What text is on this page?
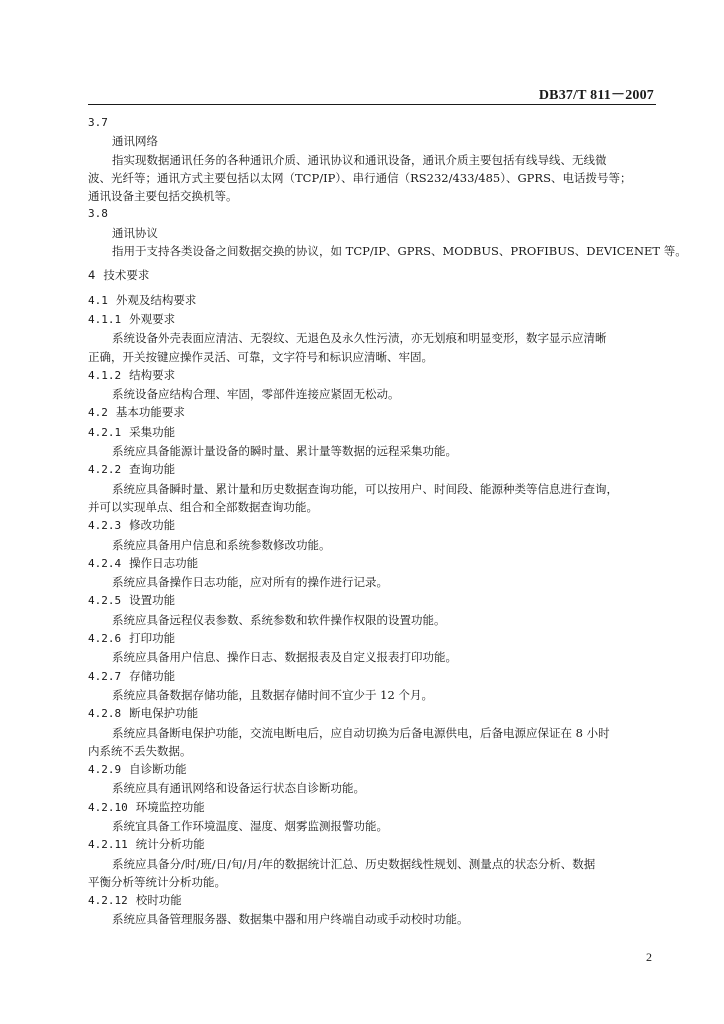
DB37/T 811－2007
3.7
通讯网络
指实现数据通讯任务的各种通讯介质、通讯协议和通讯设备，通讯介质主要包括有线导线、无线微
波、光纤等；通讯方式主要包括以太网（TCP/IP）、串行通信（RS232/433/485）、GPRS、电话拨号等；
通讯设备主要包括交换机等。
3.8
通讯协议
指用于支持各类设备之间数据交换的协议，如 TCP/IP、GPRS、MODBUS、PROFIBUS、DEVICENET 等。
4 技术要求
4.1 外观及结构要求
4.1.1 外观要求
系统设备外壳表面应清洁、无裂纹、无退色及永久性污渍，亦无划痕和明显变形，数字显示应清晰
正确，开关按键应操作灵活、可靠，文字符号和标识应清晰、牢固。
4.1.2 结构要求
系统设备应结构合理、牢固，零部件连接应紧固无松动。
4.2 基本功能要求
4.2.1 采集功能
系统应具备能源计量设备的瞬时量、累计量等数据的远程采集功能。
4.2.2 查询功能
系统应具备瞬时量、累计量和历史数据查询功能，可以按用户、时间段、能源种类等信息进行查询，
并可以实现单点、组合和全部数据查询功能。
4.2.3 修改功能
系统应具备用户信息和系统参数修改功能。
4.2.4 操作日志功能
系统应具备操作日志功能，应对所有的操作进行记录。
4.2.5 设置功能
系统应具备远程仪表参数、系统参数和软件操作权限的设置功能。
4.2.6 打印功能
系统应具备用户信息、操作日志、数据报表及自定义报表打印功能。
4.2.7 存储功能
系统应具备数据存储功能，且数据存储时间不宜少于 12 个月。
4.2.8 断电保护功能
系统应具备断电保护功能，交流电断电后，应自动切换为后备电源供电，后备电源应保证在 8 小时
内系统不丢失数据。
4.2.9 自诊断功能
系统应具有通讯网络和设备运行状态自诊断功能。
4.2.10 环境监控功能
系统宜具备工作环境温度、湿度、烟雾监测报警功能。
4.2.11 统计分析功能
系统应具备分/时/班/日/旬/月/年的数据统计汇总、历史数据线性规划、测量点的状态分析、数据
平衡分析等统计分析功能。
4.2.12 校时功能
系统应具备管理服务器、数据集中器和用户终端自动或手动校时功能。
2
